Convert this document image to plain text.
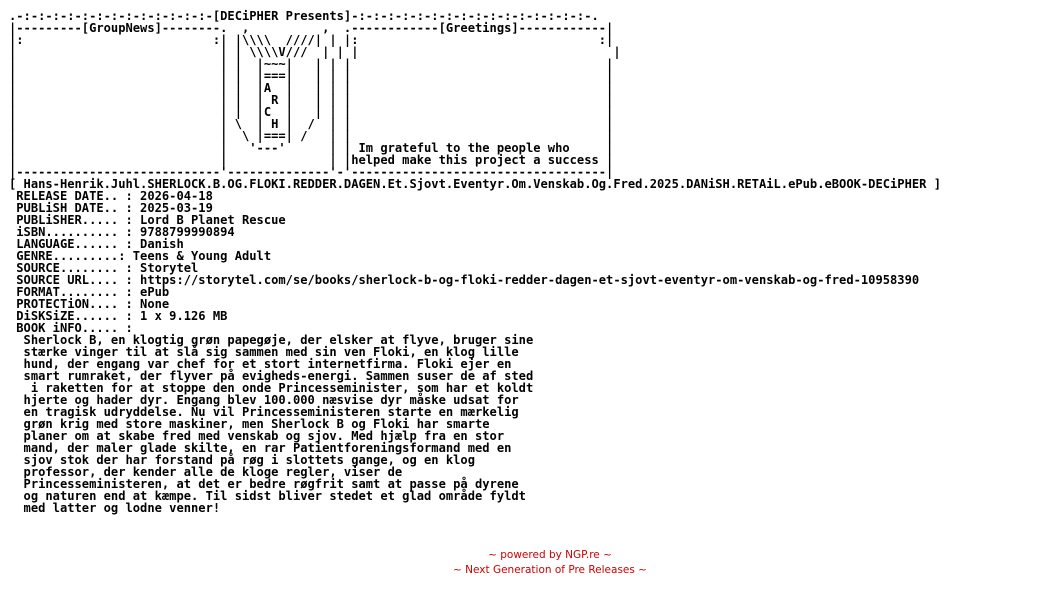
.-:-:-:-:-:-:-:-:-:-:-:-:-:-[DECiPHER Presents]-:-:-:-:-:-:-:-:-:-:-:-:-:-:-:-:-.
|---------[GroupNews]--------.  ,          ,  .------------[Greetings]------------|
|:                          :| |\\\\  ////| | |:                                 :|
|                            | | \\\\V///  | | |                                   |
|                            | |  |~~~|   | | |                                   |
|                            | |  |===|   | | |                                   |
|                            | |  |A  |   | | |                                   |
|                            | |  | R |   | | |                                   |
|                            | |  |C  |   | | |                                   |
|                            | \  | H |  /  | |                                   |
|                            |  \ |===| /   | |                                   |
|                            |   '---'      | | Im grateful to the people who     |
|                            |              | |helped make this project a success |
|----------------------------'--------------'-'-----------------------------------|
[ Hans-Henrik.Juhl.SHERLOCK.B.OG.FLOKI.REDDER.DAGEN.Et.Sjovt.Eventyr.Om.Venskab.Og.Fred.2025.DANiSH.RETAiL.ePub.eBOOK-DECiPHER ]
RELEASE DATE.. : 2026-04-18
PUBLiSH DATE.. : 2025-03-19
PUBLiSHER..... : Lord B Planet Rescue
iSBN.......... : 9788799990894
LANGUAGE...... : Danish
GENRE.........: Teens & Young Adult
SOURCE........ : Storytel
SOURCE URL.... : https://storytel.com/se/books/sherlock-b-og-floki-redder-dagen-et-sjovt-eventyr-om-venskab-og-fred-10958390
FORMAT........ : ePub
PROTECTiON.... : None
DiSKSiZE...... : 1 x 9.126 MB
BOOK iNFO..... :
Sherlock B, en klogtig grøn papegøje, der elsker at flyve, bruger sine
stærke vinger til at slå sig sammen med sin ven Floki, en klog lille
hund, der engang var chef for et stort internetfirma. Floki ejer en
smart rumraket, der flyver på evigheds-energi. Sammen suser de af sted
i raketten for at stoppe den onde Princesseminister, som har et koldt
hjerte og hader dyr. Engang blev 100.000 næsvise dyr måske udsat for
en tragisk udryddelse. Nu vil Princesseministeren starte en mærkelig
grøn krig med store maskiner, men Sherlock B og Floki har smarte
planer om at skabe fred med venskab og sjov. Med hjælp fra en stor
mand, der maler glade skilte, en rar Patientforeningsformand med en
sjov stok der har forstand på røg i slottets gange, og en klog
professor, der kender alle de kloge regler, viser de
Princesseministeren, at det er bedre røgfrit samt at passe på dyrene
og naturen end at kæmpe. Til sidst bliver stedet et glad område fyldt
med latter og lodne venner!
~ powered by NGP.re ~
~ Next Generation of Pre Releases ~
